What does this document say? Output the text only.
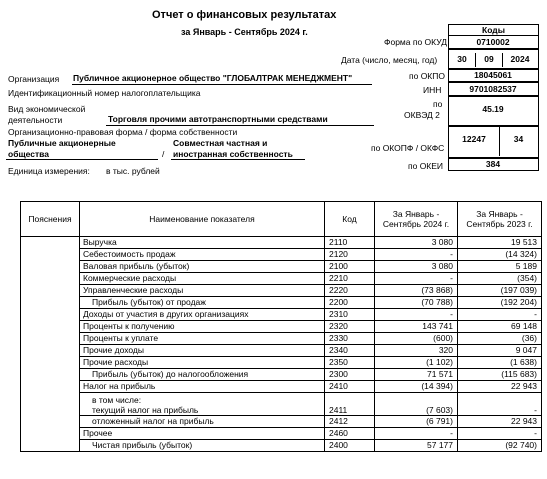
Отчет о финансовых результатах
за Январь - Сентябрь 2024 г.	Коды
Форма по ОКУД	0710002
Дата (число, месяц, год)	30	09	2024
по ОКПО	18045061
ИНН	9701082537
по
ОКВЭД 2
45.19
по ОКОПФ / ОКФС
12247	34
по ОКЕИ	384
Организация Публичное акционерное общество "ГЛОБАЛТРАК МЕНЕДЖМЕНТ"
Идентификационный номер налогоплательщика
Вид экономической
деятельности	Торговля прочими автотранспортными средствами
Организационно-правовая форма / форма собственности
Публичные акционерные
общества	/
Совместная частная и
иностранная собственность
Единица измерения: в тыс. рублей
Пояснения	Наименование показателя	Код	За Январь - Сентябрь 2024 г.	За Январь - Сентябрь 2023 г.
	Выручка	2110	3 080	19 513
	Себестоимость продаж	2120	-	(14 324)
	Валовая прибыль (убыток)	2100	3 080	5 189
	Коммерческие расходы	2210	-	(354)
	Управленческие расходы	2220	(73 868)	(197 039)
	Прибыль (убыток) от продаж	2200	(70 788)	(192 204)
	Доходы от участия в других организациях	2310	-	-
	Проценты к получению	2320	143 741	69 148
	Проценты к уплате	2330	(600)	(36)
	Прочие доходы	2340	320	9 047
	Прочие расходы	2350	(1 102)	(1 638)
	Прибыль (убыток) до налогообложения	2300	71 571	(115 683)
	Налог на прибыль	2410	(14 394)	22 943
	в том числе:
текущий налог на прибыль	2411	(7 603)	-
	отложенный налог на прибыль	2412	(6 791)	22 943
	Прочее	2460	-	-
	Чистая прибыль (убыток)	2400	57 177	(92 740)
